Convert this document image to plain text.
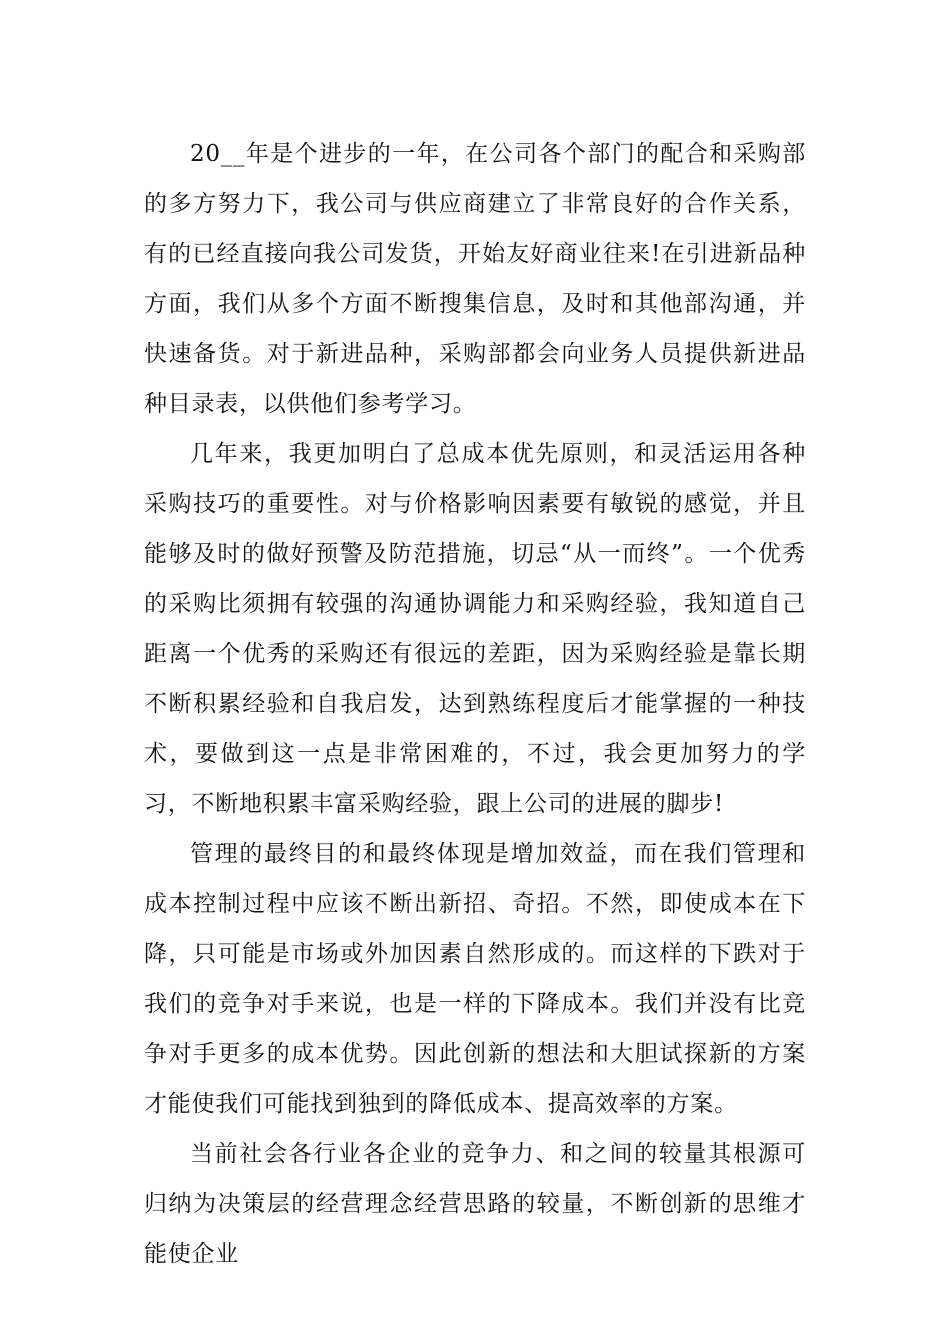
20__年是个进步的一年，在公司各个部门的配合和采购部的多方努力下，我公司与供应商建立了非常良好的合作关系，有的已经直接向我公司发货，开始友好商业往来!在引进新品种方面，我们从多个方面不断搜集信息，及时和其他部沟通，并快速备货。对于新进品种，采购部都会向业务人员提供新进品种目录表，以供他们参考学习。

几年来，我更加明白了总成本优先原则，和灵活运用各种采购技巧的重要性。对与价格影响因素要有敏锐的感觉，并且能够及时的做好预警及防范措施，切忌“从一而终”。一个优秀的采购比须拥有较强的沟通协调能力和采购经验，我知道自己距离一个优秀的采购还有很远的差距，因为采购经验是靠长期不断积累经验和自我启发，达到熟练程度后才能掌握的一种技术，要做到这一点是非常困难的，不过，我会更加努力的学习，不断地积累丰富采购经验，跟上公司的进展的脚步!

管理的最终目的和最终体现是增加效益，而在我们管理和成本控制过程中应该不断出新招、奇招。不然，即使成本在下降，只可能是市场或外加因素自然形成的。而这样的下跌对于我们的竞争对手来说，也是一样的下降成本。我们并没有比竞争对手更多的成本优势。因此创新的想法和大胆试探新的方案才能使我们可能找到独到的降低成本、提高效率的方案。

当前社会各行业各企业的竞争力、和之间的较量其根源可归纳为决策层的经营理念经营思路的较量，不断创新的思维才能使企业
